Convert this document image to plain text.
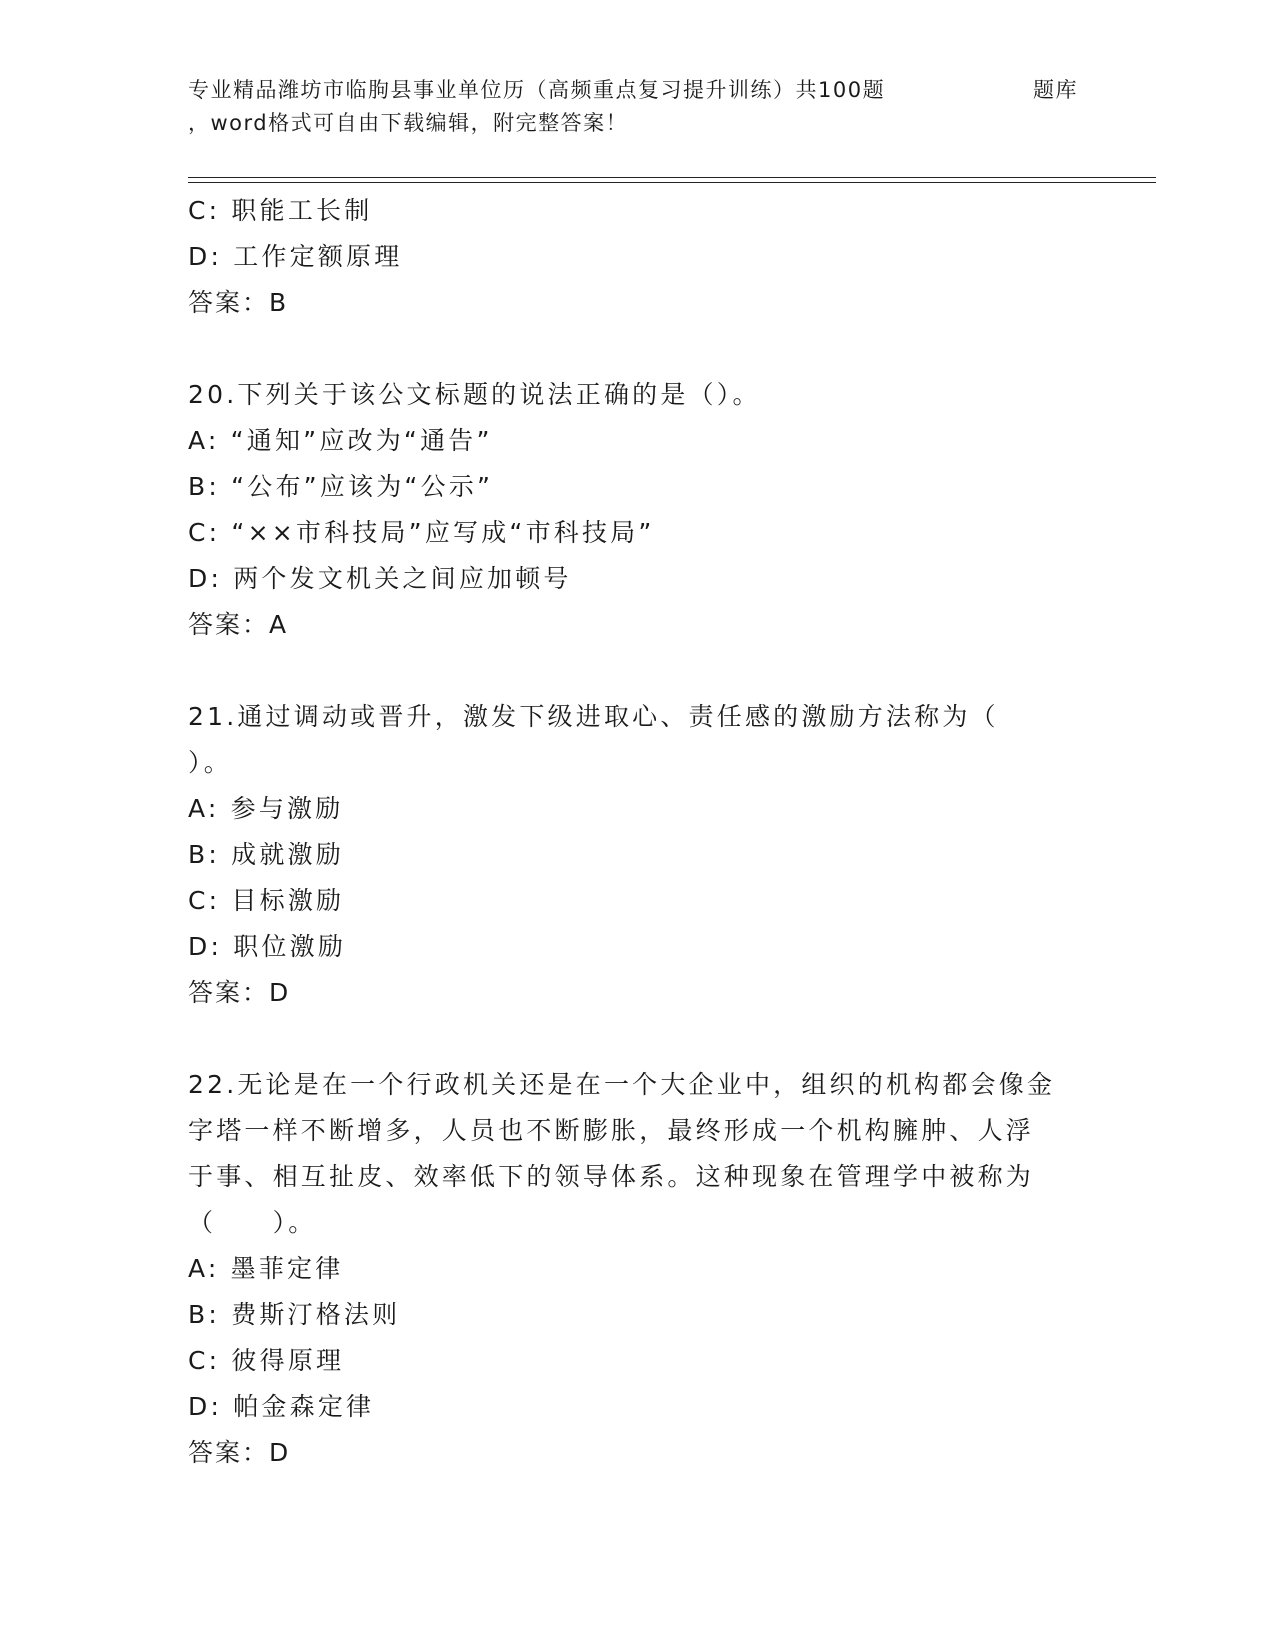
专业精品潍坊市临朐县事业单位历（高频重点复习提升训练）共100题	题库
，word格式可自由下载编辑，附完整答案！
C: 职能工长制
D: 工作定额原理
答案：B
20.下列关于该公文标题的说法正确的是（）。
A: “通知”应改为“通告”
B: “公布”应该为“公示”
C: “××市科技局”应写成“市科技局”
D: 两个发文机关之间应加顿号
答案：A
21.通过调动或晋升，激发下级进取心、责任感的激励方法称为（
）。
A: 参与激励
B: 成就激励
C: 目标激励
D: 职位激励
答案：D
22.无论是在一个行政机关还是在一个大企业中，组织的机构都会像金
字塔一样不断增多，人员也不断膨胀，最终形成一个机构臃肿、人浮
于事、相互扯皮、效率低下的领导体系。这种现象在管理学中被称为
（　　）。
A: 墨菲定律
B: 费斯汀格法则
C: 彼得原理
D: 帕金森定律
答案：D
